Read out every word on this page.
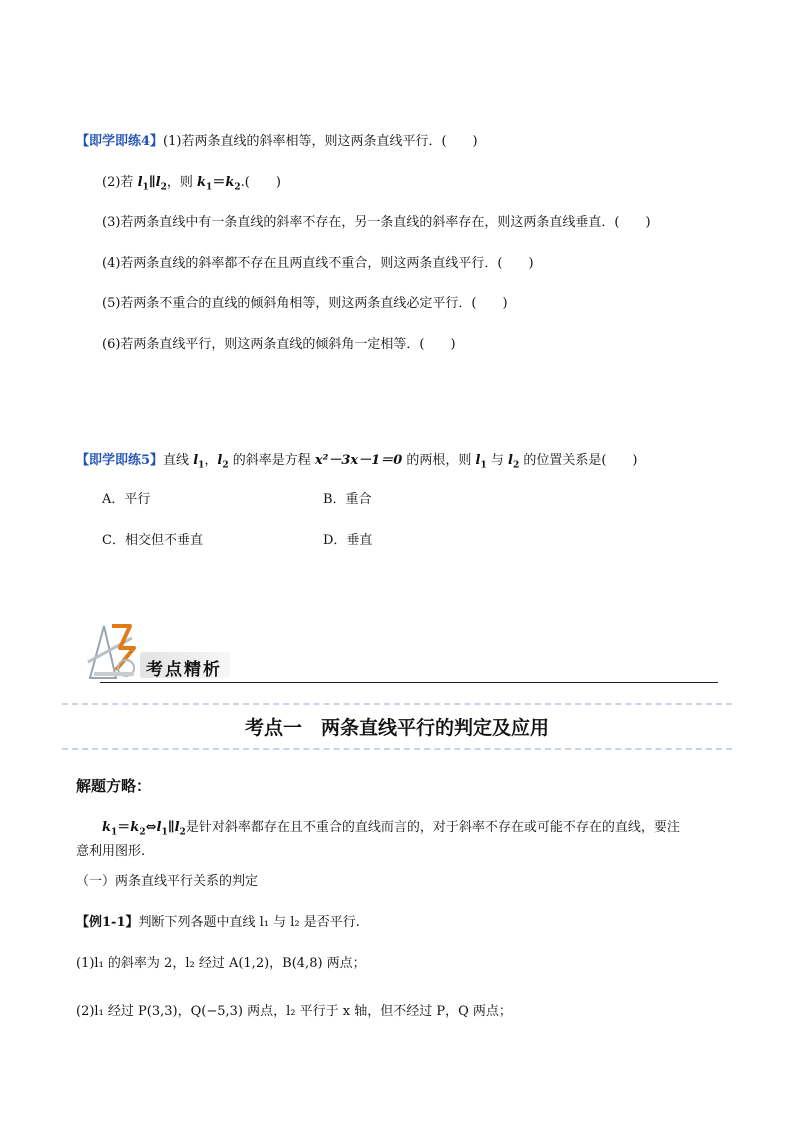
【即学即练4】(1)若两条直线的斜率相等，则这两条直线平行．(　　)
(2)若 $l_1\parallel l_2$，则 $k_1=k_2$.(　　)
(3)若两条直线中有一条直线的斜率不存在，另一条直线的斜率存在，则这两条直线垂直．(　　)
(4)若两条直线的斜率都不存在且两直线不重合，则这两条直线平行．(　　)
(5)若两条不重合的直线的倾斜角相等，则这两条直线必定平行．(　　)
(6)若两条直线平行，则这两条直线的倾斜角一定相等．(　　)
【即学即练5】直线 $l_1$，$l_2$ 的斜率是方程 x²－3x－1＝0 的两根，则 $l_1$ 与 $l_2$ 的位置关系是(　　)
A．平行	B．重合
C．相交但不垂直	D．垂直
考点精析
考点一　两条直线平行的判定及应用
解题方略：
$k_1=k_2\Leftrightarrow l_1\parallel l_2$是针对斜率都存在且不重合的直线而言的，对于斜率不存在或可能不存在的直线，要注
意利用图形.
（一）两条直线平行关系的判定
【例1-1】判断下列各题中直线 l₁ 与 l₂ 是否平行.
(1)l₁ 的斜率为 2，l₂ 经过 A(1,2)，B(4,8) 两点；
(2)l₁ 经过 P(3,3)，Q(−5,3) 两点，l₂ 平行于 x 轴，但不经过 P，Q 两点；
